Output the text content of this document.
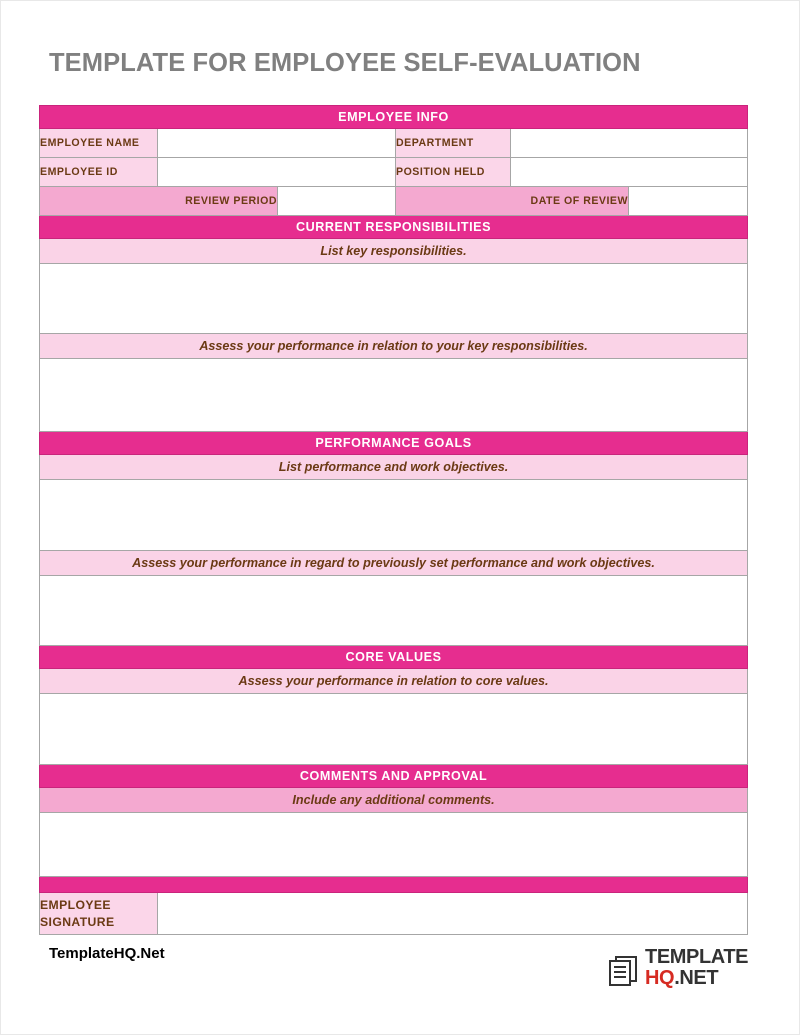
TEMPLATE FOR EMPLOYEE SELF-EVALUATION
EMPLOYEE INFO					
EMPLOYEE NAME			DEPARTMENT		
EMPLOYEE ID			POSITION HELD		
REVIEW PERIOD			DATE OF REVIEW		
CURRENT RESPONSIBILITIES					
List key responsibilities.					

Assess your performance in relation to your key responsibilities.					

PERFORMANCE GOALS					
List performance and work objectives.					

Assess your performance in regard to previously set performance and work objectives.					

CORE VALUES					
Assess your performance in relation to core values.					

COMMENTS AND APPROVAL					
Include any additional comments.					

EMPLOYEE SIGNATURE					
TemplateHQ.Net	TEMPLATE
HQ.NET
